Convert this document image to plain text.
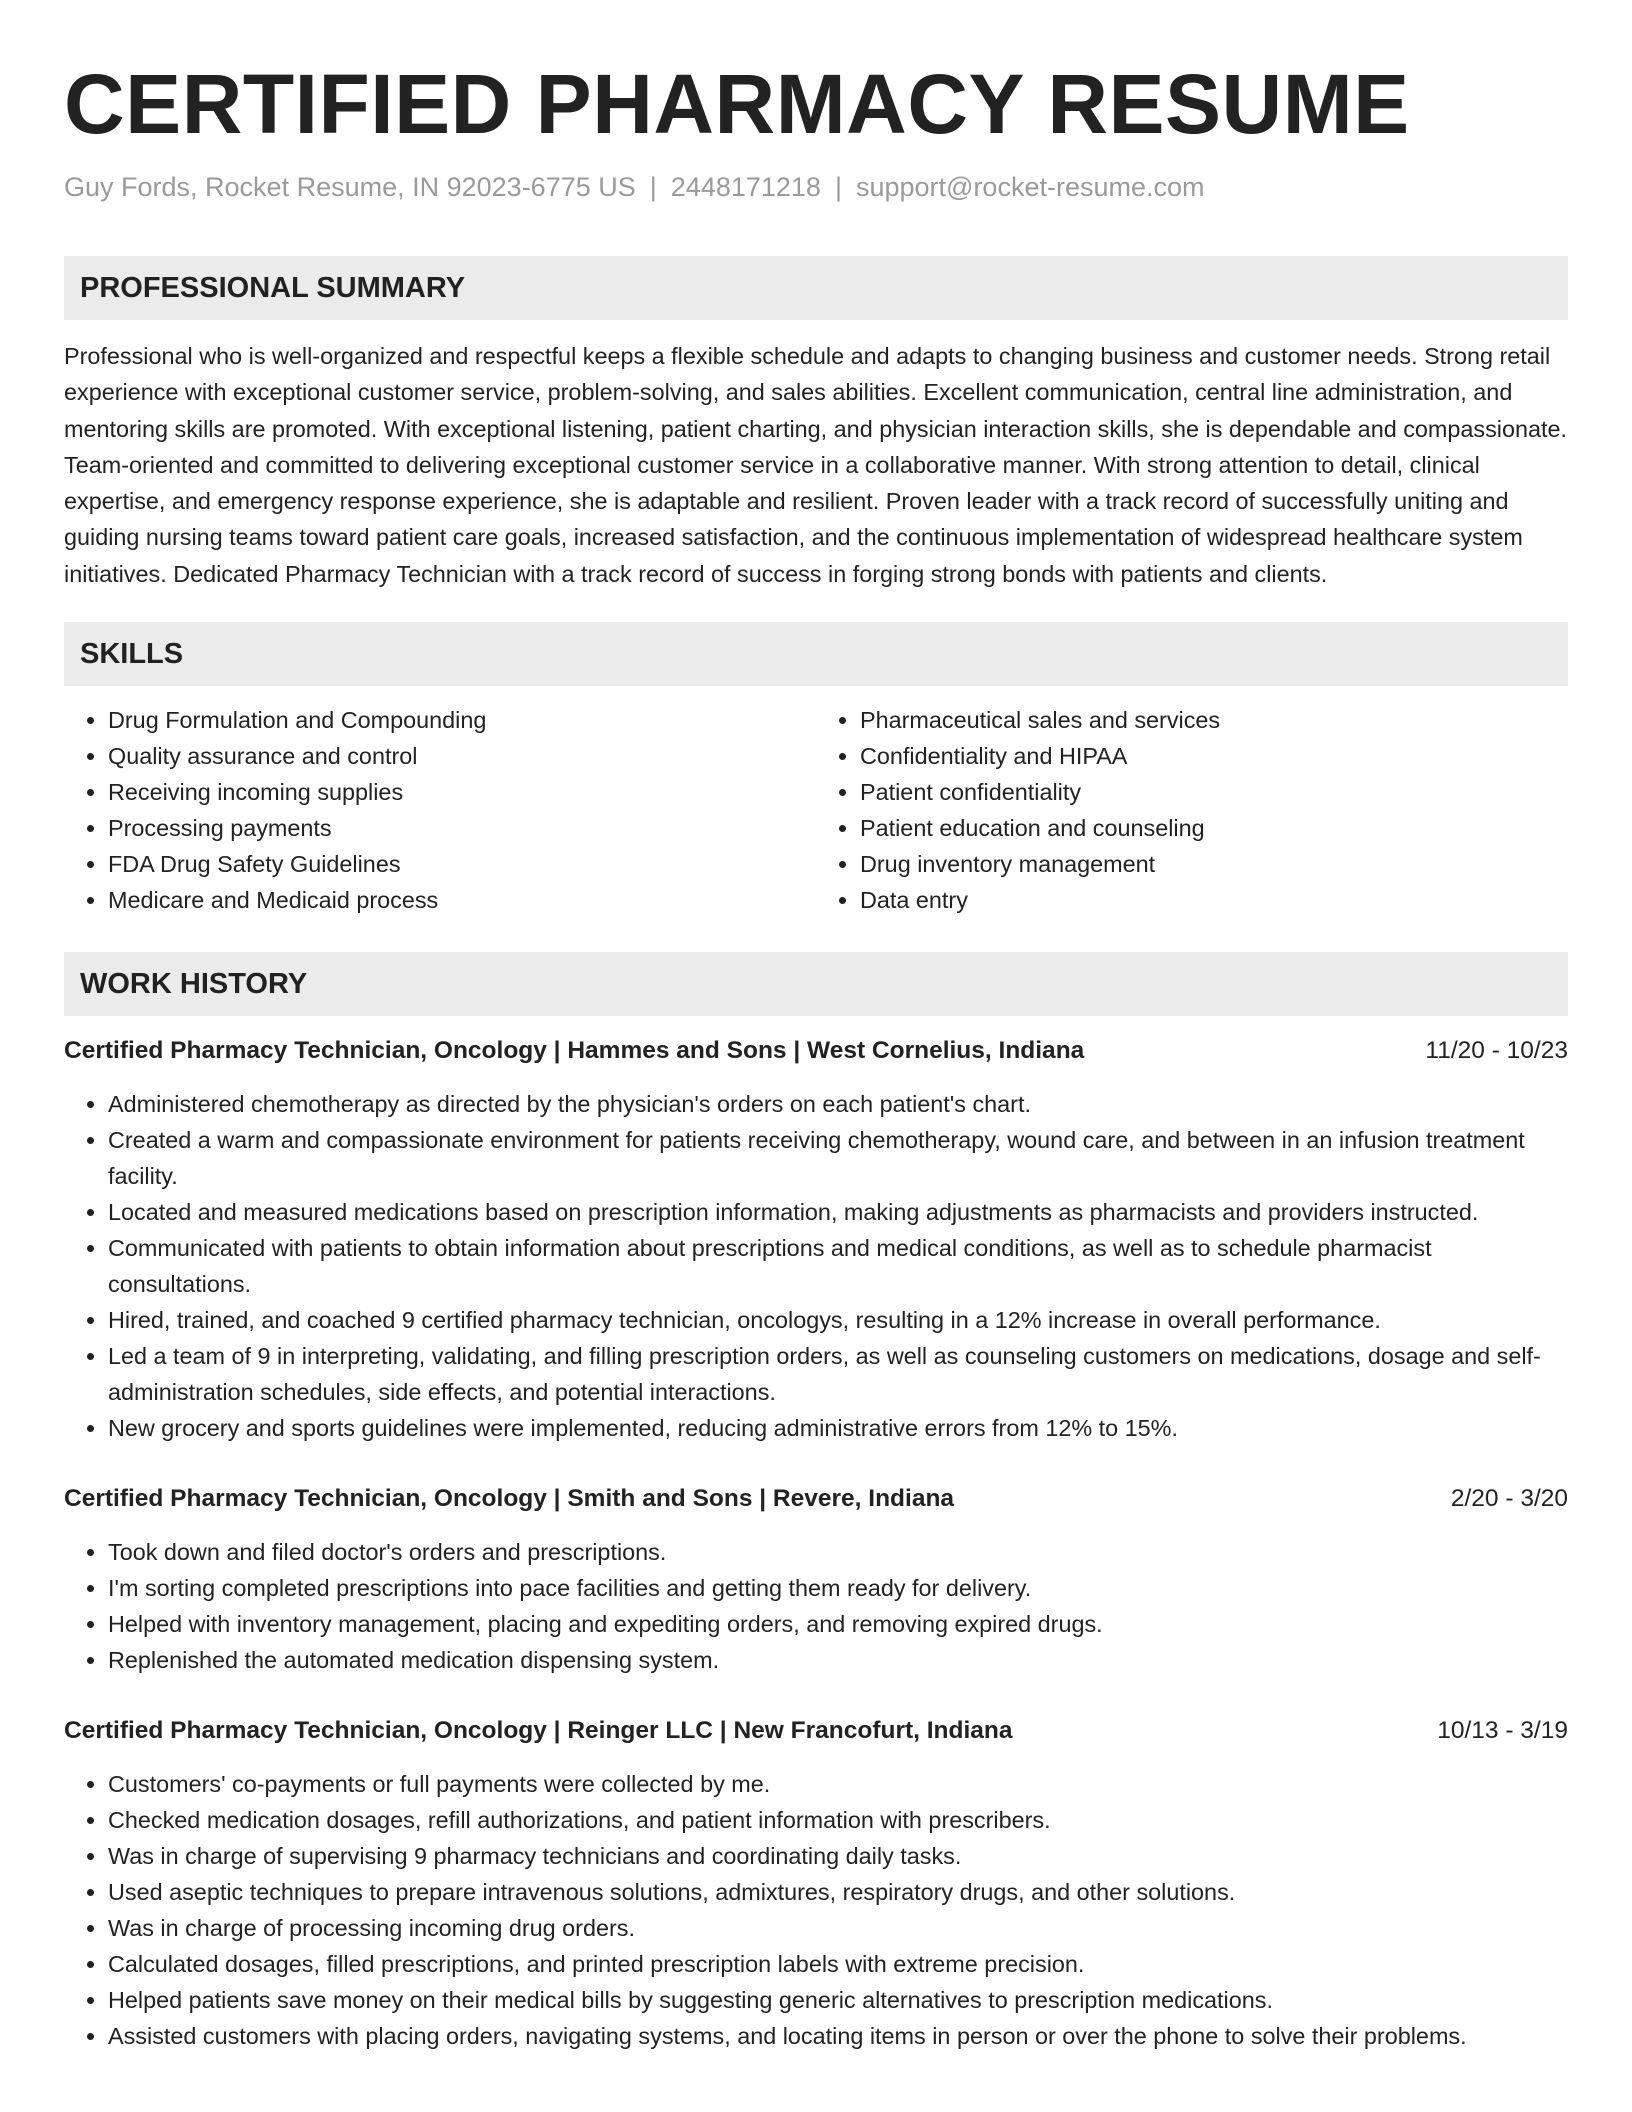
CERTIFIED PHARMACY RESUME
Guy Fords, Rocket Resume, IN 92023-6775 US | 2448171218 | support@rocket-resume.com
PROFESSIONAL SUMMARY

Professional who is well-organized and respectful keeps a flexible schedule and adapts to changing business and customer needs. Strong retail experience with exceptional customer service, problem-solving, and sales abilities. Excellent communication, central line administration, and mentoring skills are promoted. With exceptional listening, patient charting, and physician interaction skills, she is dependable and compassionate. Team-oriented and committed to delivering exceptional customer service in a collaborative manner. With strong attention to detail, clinical expertise, and emergency response experience, she is adaptable and resilient. Proven leader with a track record of successfully uniting and guiding nursing teams toward patient care goals, increased satisfaction, and the continuous implementation of widespread healthcare system initiatives. Dedicated Pharmacy Technician with a track record of success in forging strong bonds with patients and clients.

SKILLS
• Drug Formulation and Compounding
• Quality assurance and control
• Receiving incoming supplies
• Processing payments
• FDA Drug Safety Guidelines
• Medicare and Medicaid process
• Pharmaceutical sales and services
• Confidentiality and HIPAA
• Patient confidentiality
• Patient education and counseling
• Drug inventory management
• Data entry
WORK HISTORY
Certified Pharmacy Technician, Oncology | Hammes and Sons | West Cornelius, Indiana	11/20 - 10/23
• Administered chemotherapy as directed by the physician's orders on each patient's chart.
• Created a warm and compassionate environment for patients receiving chemotherapy, wound care, and between in an infusion treatment facility.
• Located and measured medications based on prescription information, making adjustments as pharmacists and providers instructed.
• Communicated with patients to obtain information about prescriptions and medical conditions, as well as to schedule pharmacist consultations.
• Hired, trained, and coached 9 certified pharmacy technician, oncologys, resulting in a 12% increase in overall performance.
• Led a team of 9 in interpreting, validating, and filling prescription orders, as well as counseling customers on medications, dosage and self-administration schedules, side effects, and potential interactions.
• New grocery and sports guidelines were implemented, reducing administrative errors from 12% to 15%.
Certified Pharmacy Technician, Oncology | Smith and Sons | Revere, Indiana	2/20 - 3/20
• Took down and filed doctor's orders and prescriptions.
• I'm sorting completed prescriptions into pace facilities and getting them ready for delivery.
• Helped with inventory management, placing and expediting orders, and removing expired drugs.
• Replenished the automated medication dispensing system.
Certified Pharmacy Technician, Oncology | Reinger LLC | New Francofurt, Indiana	10/13 - 3/19
• Customers' co-payments or full payments were collected by me.
• Checked medication dosages, refill authorizations, and patient information with prescribers.
• Was in charge of supervising 9 pharmacy technicians and coordinating daily tasks.
• Used aseptic techniques to prepare intravenous solutions, admixtures, respiratory drugs, and other solutions.
• Was in charge of processing incoming drug orders.
• Calculated dosages, filled prescriptions, and printed prescription labels with extreme precision.
• Helped patients save money on their medical bills by suggesting generic alternatives to prescription medications.
• Assisted customers with placing orders, navigating systems, and locating items in person or over the phone to solve their problems.
